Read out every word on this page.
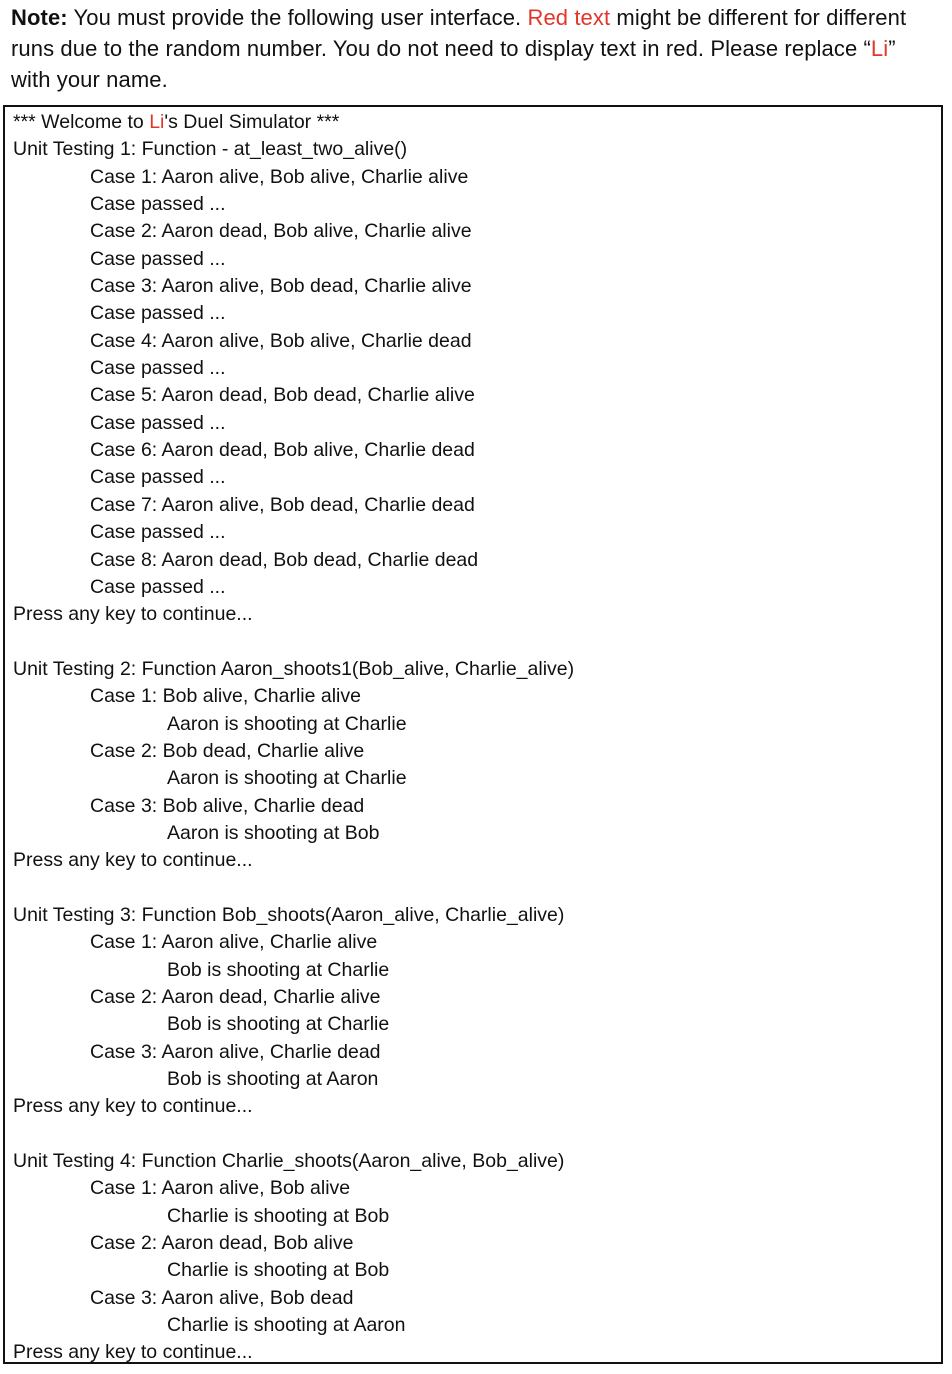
Note: You must provide the following user interface. Red text might be different for different runs due to the random number. You do not need to display text in red. Please replace “Li” with your name.
*** Welcome to Li's Duel Simulator ***
Unit Testing 1: Function - at_least_two_alive()
Case 1: Aaron alive, Bob alive, Charlie alive
Case passed ...
Case 2: Aaron dead, Bob alive, Charlie alive
Case passed ...
Case 3: Aaron alive, Bob dead, Charlie alive
Case passed ...
Case 4: Aaron alive, Bob alive, Charlie dead
Case passed ...
Case 5: Aaron dead, Bob dead, Charlie alive
Case passed ...
Case 6: Aaron dead, Bob alive, Charlie dead
Case passed ...
Case 7: Aaron alive, Bob dead, Charlie dead
Case passed ...
Case 8: Aaron dead, Bob dead, Charlie dead
Case passed ...
Press any key to continue...
Unit Testing 2: Function Aaron_shoots1(Bob_alive, Charlie_alive)
Case 1: Bob alive, Charlie alive
Aaron is shooting at Charlie
Case 2: Bob dead, Charlie alive
Aaron is shooting at Charlie
Case 3: Bob alive, Charlie dead
Aaron is shooting at Bob
Press any key to continue...
Unit Testing 3: Function Bob_shoots(Aaron_alive, Charlie_alive)
Case 1: Aaron alive, Charlie alive
Bob is shooting at Charlie
Case 2: Aaron dead, Charlie alive
Bob is shooting at Charlie
Case 3: Aaron alive, Charlie dead
Bob is shooting at Aaron
Press any key to continue...
Unit Testing 4: Function Charlie_shoots(Aaron_alive, Bob_alive)
Case 1: Aaron alive, Bob alive
Charlie is shooting at Bob
Case 2: Aaron dead, Bob alive
Charlie is shooting at Bob
Case 3: Aaron alive, Bob dead
Charlie is shooting at Aaron
Press any key to continue...
